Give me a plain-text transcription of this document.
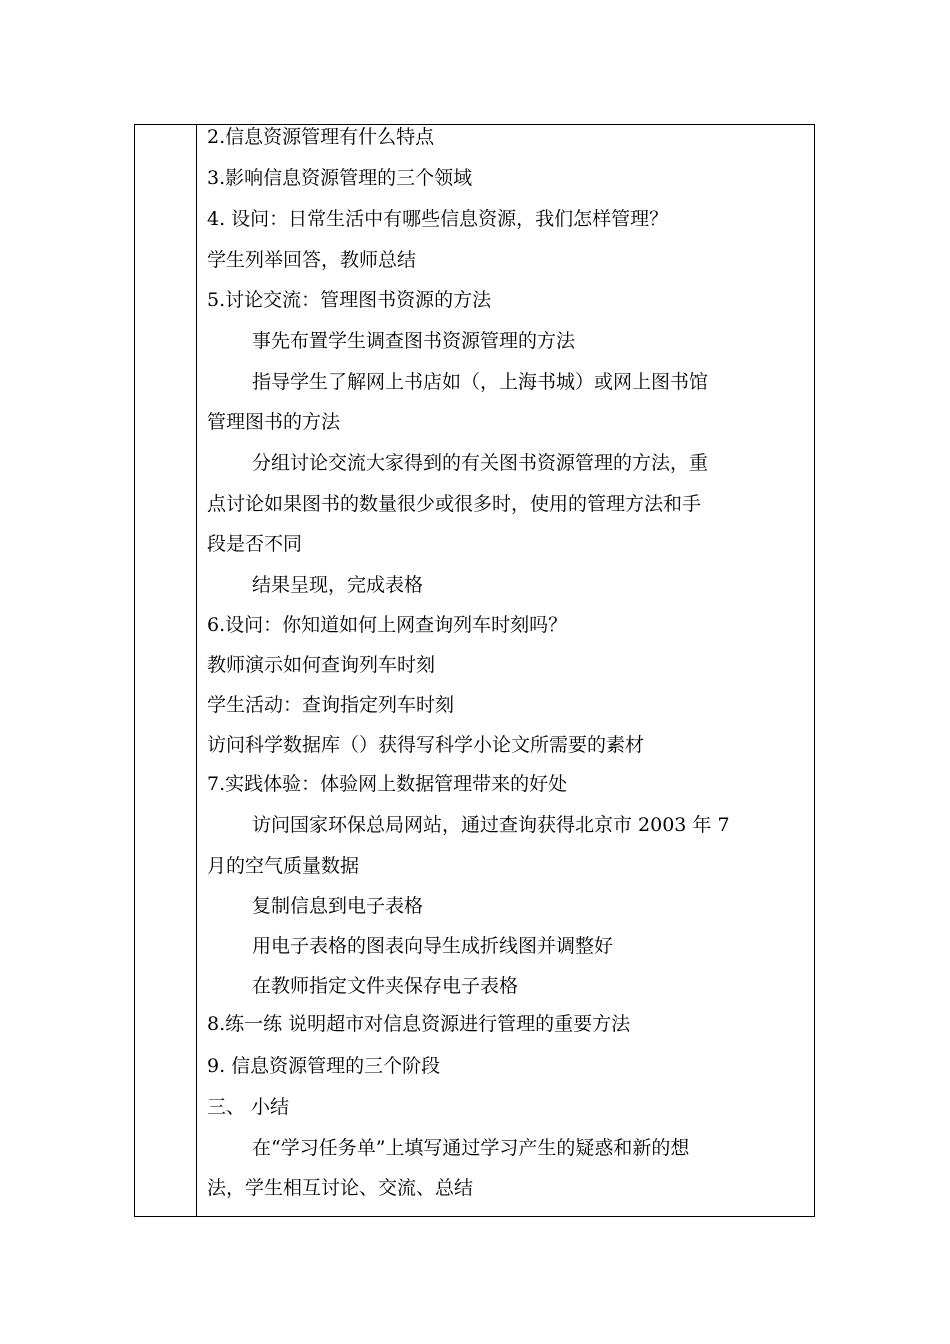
2.信息资源管理有什么特点
3.影响信息资源管理的三个领域
4. 设问：日常生活中有哪些信息资源，我们怎样管理？
学生列举回答，教师总结
5.讨论交流：管理图书资源的方法
事先布置学生调查图书资源管理的方法
指导学生了解网上书店如（，上海书城）或网上图书馆
管理图书的方法
分组讨论交流大家得到的有关图书资源管理的方法，重
点讨论如果图书的数量很少或很多时，使用的管理方法和手
段是否不同
结果呈现，完成表格
6.设问：你知道如何上网查询列车时刻吗？
教师演示如何查询列车时刻
学生活动：查询指定列车时刻
访问科学数据库（）获得写科学小论文所需要的素材
7.实践体验：体验网上数据管理带来的好处
访问国家环保总局网站，通过查询获得北京市 2003 年 7
月的空气质量数据
复制信息到电子表格
用电子表格的图表向导生成折线图并调整好
在教师指定文件夹保存电子表格
8.练一练 说明超市对信息资源进行管理的重要方法
9. 信息资源管理的三个阶段
三、 小结
在“学习任务单”上填写通过学习产生的疑惑和新的想
法，学生相互讨论、交流、总结
